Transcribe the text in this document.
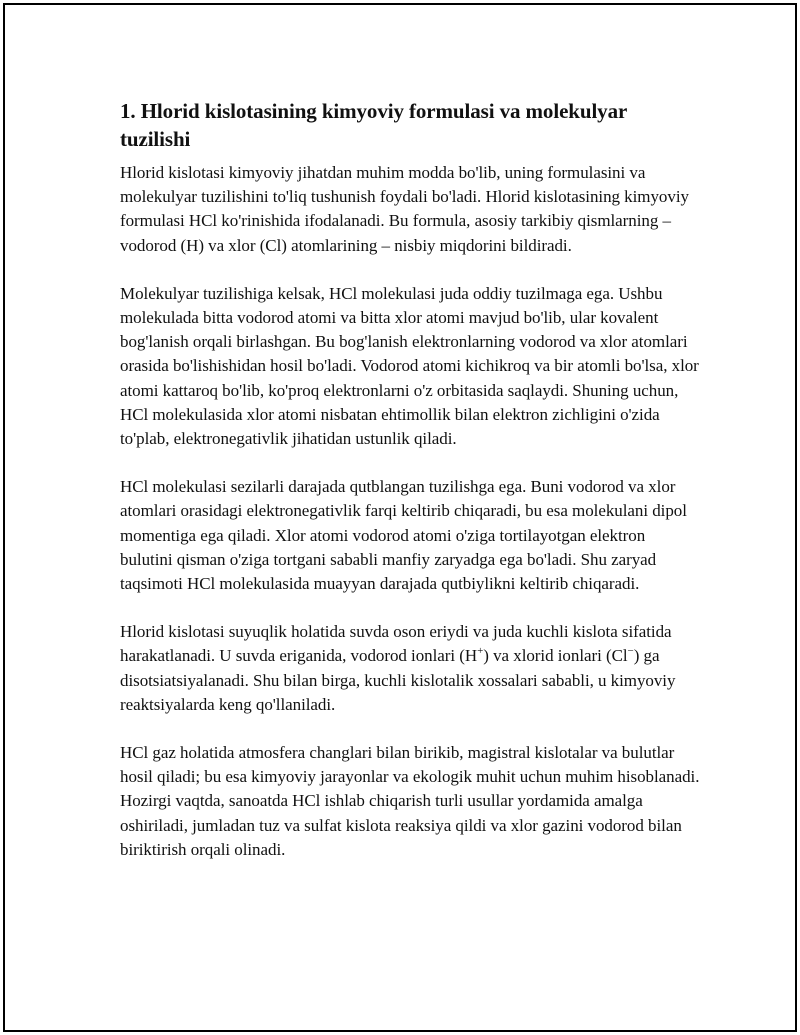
1. Hlorid kislotasining kimyoviy formulasi va molekulyar tuzilishi

Hlorid kislotasi kimyoviy jihatdan muhim modda bo'lib, uning formulasini va molekulyar tuzilishini to'liq tushunish foydali bo'ladi. Hlorid kislotasining kimyoviy formulasi HCl ko'rinishida ifodalanadi. Bu formula, asosiy tarkibiy qismlarning – vodorod (H) va xlor (Cl) atomlarining – nisbiy miqdorini bildiradi.

Molekulyar tuzilishiga kelsak, HCl molekulasi juda oddiy tuzilmaga ega. Ushbu molekulada bitta vodorod atomi va bitta xlor atomi mavjud bo'lib, ular kovalent bog'lanish orqali birlashgan. Bu bog'lanish elektronlarning vodorod va xlor atomlari orasida bo'lishishidan hosil bo'ladi. Vodorod atomi kichikroq va bir atomli bo'lsa, xlor atomi kattaroq bo'lib, ko'proq elektronlarni o'z orbitasida saqlaydi. Shuning uchun, HCl molekulasida xlor atomi nisbatan ehtimollik bilan elektron zichligini o'zida to'plab, elektronegativlik jihatidan ustunlik qiladi.

HCl molekulasi sezilarli darajada qutblangan tuzilishga ega. Buni vodorod va xlor atomlari orasidagi elektronegativlik farqi keltirib chiqaradi, bu esa molekulani dipol momentiga ega qiladi. Xlor atomi vodorod atomi o'ziga tortilayotgan elektron bulutini qisman o'ziga tortgani sababli manfiy zaryadga ega bo'ladi. Shu zaryad taqsimoti HCl molekulasida muayyan darajada qutbiylikni keltirib chiqaradi.

Hlorid kislotasi suyuqlik holatida suvda oson eriydi va juda kuchli kislota sifatida harakatlanadi. U suvda eriganida, vodorod ionlari (H+) va xlorid ionlari (Cl−) ga disotsiatsiyalanadi. Shu bilan birga, kuchli kislotalik xossalari sababli, u kimyoviy reaktsiyalarda keng qo'llaniladi.

HCl gaz holatida atmosfera changlari bilan birikib, magistral kislotalar va bulutlar hosil qiladi; bu esa kimyoviy jarayonlar va ekologik muhit uchun muhim hisoblanadi. Hozirgi vaqtda, sanoatda HCl ishlab chiqarish turli usullar yordamida amalga oshiriladi, jumladan tuz va sulfat kislota reaksiya qildi va xlor gazini vodorod bilan biriktirish orqali olinadi.
